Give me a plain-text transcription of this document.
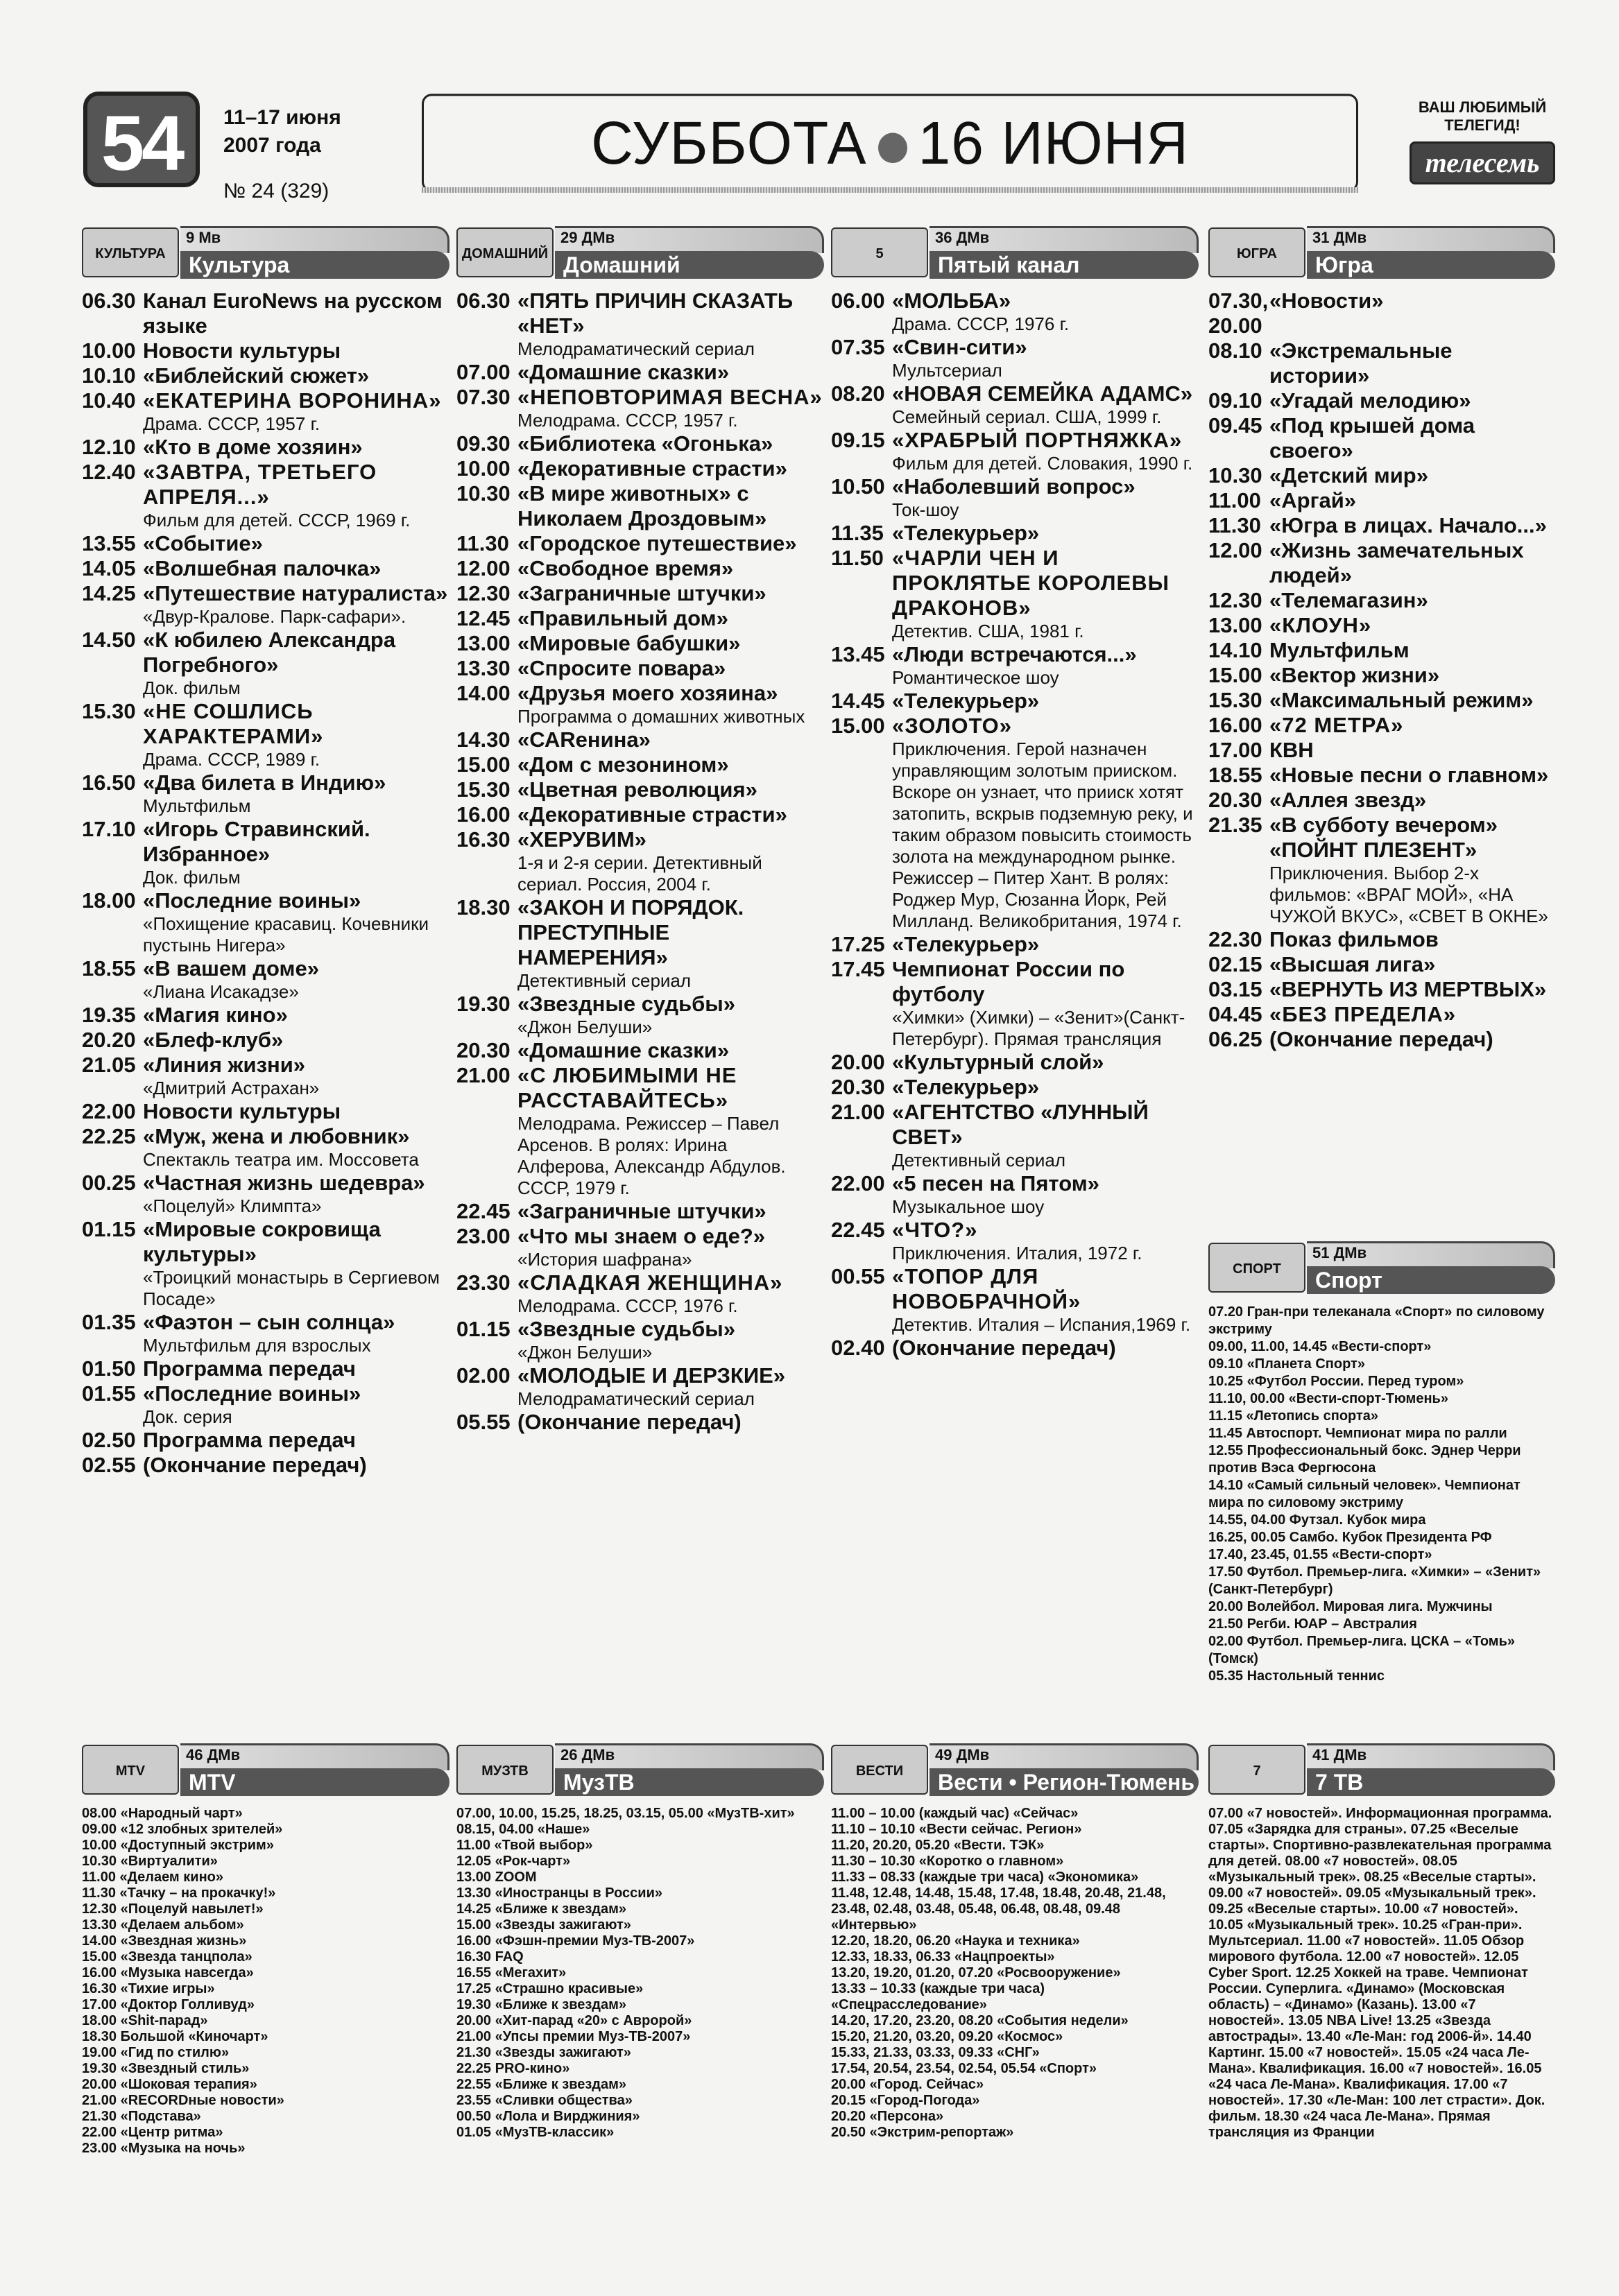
54	11–17 июня
2007 года
№ 24 (329)
СУББОТА 16 ИЮНЯ
ВАШ ЛЮБИМЫЙ ТЕЛЕГИД!
телесемь
КУЛЬТУРА
9 Мв
Культура
06.30 Канал EuroNews на русском языке
10.00 Новости культуры
10.10 «Библейский сюжет»
10.40 «ЕКАТЕРИНА ВОРОНИНА»
Драма. СССР, 1957 г.
12.10 «Кто в доме хозяин»
12.40 «ЗАВТРА, ТРЕТЬЕГО АПРЕЛЯ...»
Фильм для детей. СССР, 1969 г.
13.55 «Событие»
14.05 «Волшебная палочка»
14.25 «Путешествие натуралиста»
«Двур-Кралове. Парк-сафари».
14.50 «К юбилею Александра Погребного»
Док. фильм
15.30 «НЕ СОШЛИСЬ ХАРАКТЕРАМИ»
Драма. СССР, 1989 г.
16.50 «Два билета в Индию»
Мультфильм
17.10 «Игорь Стравинский. Избранное»
Док. фильм
18.00 «Последние воины»
«Похищение красавиц. Кочевники пустынь Нигера»
18.55 «В вашем доме»
«Лиана Исакадзе»
19.35 «Магия кино»
20.20 «Блеф-клуб»
21.05 «Линия жизни»
«Дмитрий Астрахан»
22.00 Новости культуры
22.25 «Муж, жена и любовник»
Спектакль театра им. Моссовета
00.25 «Частная жизнь шедевра»
«Поцелуй» Климпта»
01.15 «Мировые сокровища культуры»
«Троицкий монастырь в Сергиевом Посаде»
01.35 «Фаэтон – сын солнца»
Мультфильм для взрослых
01.50 Программа передач
01.55 «Последние воины»
Док. серия
02.50 Программа передач
02.55 (Окончание передач)
ДОМАШНИЙ
29 ДМв
Домашний
06.30 «ПЯТЬ ПРИЧИН СКАЗАТЬ «НЕТ»
Мелодраматический сериал
07.00 «Домашние сказки»
07.30 «НЕПОВТОРИМАЯ ВЕСНА»
Мелодрама. СССР, 1957 г.
09.30 «Библиотека «Огонька»
10.00 «Декоративные страсти»
10.30 «В мире животных» с Николаем Дроздовым»
11.30 «Городское путешествие»
12.00 «Свободное время»
12.30 «Заграничные штучки»
12.45 «Правильный дом»
13.00 «Мировые бабушки»
13.30 «Спросите повара»
14.00 «Друзья моего хозяина»
Программа о домашних животных
14.30 «САRенина»
15.00 «Дом с мезонином»
15.30 «Цветная революция»
16.00 «Декоративные страсти»
16.30 «ХЕРУВИМ»
1-я и 2-я серии. Детективный сериал. Россия, 2004 г.
18.30 «ЗАКОН И ПОРЯДОК. ПРЕСТУПНЫЕ НАМЕРЕНИЯ»
Детективный сериал
19.30 «Звездные судьбы»
«Джон Белуши»
20.30 «Домашние сказки»
21.00 «С ЛЮБИМЫМИ НЕ РАССТАВАЙТЕСЬ»
Мелодрама. Режиссер – Павел Арсенов. В ролях: Ирина Алферова, Александр Абдулов. СССР, 1979 г.
22.45 «Заграничные штучки»
23.00 «Что мы знаем о еде?»
«История шафрана»
23.30 «СЛАДКАЯ ЖЕНЩИНА»
Мелодрама. СССР, 1976 г.
01.15 «Звездные судьбы»
«Джон Белуши»
02.00 «МОЛОДЫЕ И ДЕРЗКИЕ»
Мелодраматический сериал
05.55 (Окончание передач)
5
36 ДМв
Пятый канал
06.00 «МОЛЬБА»
Драма. СССР, 1976 г.
07.35 «Свин-сити»
Мультсериал
08.20 «НОВАЯ СЕМЕЙКА АДАМС»
Семейный сериал. США, 1999 г.
09.15 «ХРАБРЫЙ ПОРТНЯЖКА»
Фильм для детей. Словакия, 1990 г.
10.50 «Наболевший вопрос»
Ток-шоу
11.35 «Телекурьер»
11.50 «ЧАРЛИ ЧЕН И ПРОКЛЯТЬЕ КОРОЛЕВЫ ДРАКОНОВ»
Детектив. США, 1981 г.
13.45 «Люди встречаются...»
Романтическое шоу
14.45 «Телекурьер»
15.00 «ЗОЛОТО»
Приключения. Герой назначен управляющим золотым прииском. Вскоре он узнает, что прииск хотят затопить, вскрыв подземную реку, и таким образом повысить стоимость золота на международном рынке. Режиссер – Питер Хант. В ролях: Роджер Мур, Сюзанна Йорк, Рей Милланд. Великобритания, 1974 г.
17.25 «Телекурьер»
17.45 Чемпионат России по футболу
«Химки» (Химки) – «Зенит»(Санкт-Петербург). Прямая трансляция
20.00 «Культурный слой»
20.30 «Телекурьер»
21.00 «АГЕНТСТВО «ЛУННЫЙ СВЕТ»
Детективный сериал
22.00 «5 песен на Пятом»
Музыкальное шоу
22.45 «ЧТО?»
Приключения. Италия, 1972 г.
00.55 «ТОПОР ДЛЯ НОВОБРАЧНОЙ»
Детектив. Италия – Испания,1969 г.
02.40 (Окончание передач)
ЮГРА
31 ДМв
Югра
07.30, 20.00
«Новости»
08.10 «Экстремальные истории»
09.10 «Угадай мелодию»
09.45 «Под крышей дома своего»
10.30 «Детский мир»
11.00 «Аргай»
11.30 «Югра в лицах. Начало...»
12.00 «Жизнь замечательных людей»
12.30 «Телемагазин»
13.00 «КЛОУН»
14.10 Мультфильм
15.00 «Вектор жизни»
15.30 «Максимальный режим»
16.00 «72 МЕТРА»
17.00 КВН
18.55 «Новые песни о главном»
20.30 «Аллея звезд»
21.35 «В субботу вечером» «ПОЙНТ ПЛЕЗЕНТ»
Приключения. Выбор 2-х фильмов: «ВРАГ МОЙ», «НА ЧУЖОЙ ВКУС», «СВЕТ В ОКНЕ»
22.30 Показ фильмов
02.15 «Высшая лига»
03.15 «ВЕРНУТЬ ИЗ МЕРТВЫХ»
04.45 «БЕЗ ПРЕДЕЛА»
06.25 (Окончание передач)
СПОРТ
51 ДМв
Спорт
07.20 Гран-при телеканала «Спорт» по силовому экстриму
09.00, 11.00, 14.45 «Вести-спорт»
09.10 «Планета Спорт»
10.25 «Футбол России. Перед туром»
11.10, 00.00 «Вести-спорт-Тюмень»
11.15 «Летопись спорта»
11.45 Автоспорт. Чемпионат мира по ралли
12.55 Профессиональный бокс. Эднер Черри против Вэса Фергюсона
14.10 «Самый сильный человек». Чемпионат мира по силовому экстриму
14.55, 04.00 Футзал. Кубок мира
16.25, 00.05 Самбо. Кубок Президента РФ
17.40, 23.45, 01.55 «Вести-спорт»
17.50 Футбол. Премьер-лига. «Химки» – «Зенит» (Санкт-Петербург)
20.00 Волейбол. Мировая лига. Мужчины
21.50 Регби. ЮАР – Австралия
02.00 Футбол. Премьер-лига. ЦСКА – «Томь» (Томск)
05.35 Настольный теннис
MTV
46 ДМв
MTV
08.00 «Народный чарт»
09.00 «12 злобных зрителей»
10.00 «Доступный экстрим»
10.30 «Виртуалити»
11.00 «Делаем кино»
11.30 «Тачку – на прокачку!»
12.30 «Поцелуй навылет!»
13.30 «Делаем альбом»
14.00 «Звездная жизнь»
15.00 «Звезда танцпола»
16.00 «Музыка навсегда»
16.30 «Тихие игры»
17.00 «Доктор Голливуд»
18.00 «Shit-парад»
18.30 Большой «Киночарт»
19.00 «Гид по стилю»
19.30 «Звездный стиль»
20.00 «Шоковая терапия»
21.00 «RECORDные новости»
21.30 «Подстава»
22.00 «Центр ритма»
23.00 «Музыка на ночь»
МУЗТВ
26 ДМв
МузТВ
07.00, 10.00, 15.25, 18.25, 03.15, 05.00 «МузТВ-хит»
08.15, 04.00 «Наше»
11.00 «Твой выбор»
12.05 «Рок-чарт»
13.00 ZOOM
13.30 «Иностранцы в России»
14.25 «Ближе к звездам»
15.00 «Звезды зажигают»
16.00 «Фэшн-премии Муз-ТВ-2007»
16.30 FAQ
16.55 «Мегахит»
17.25 «Страшно красивые»
19.30 «Ближе к звездам»
20.00 «Хит-парад «20» с Авророй»
21.00 «Упсы премии Муз-ТВ-2007»
21.30 «Звезды зажигают»
22.25 PRO-кино»
22.55 «Ближе к звездам»
23.55 «Сливки общества»
00.50 «Лола и Вирджиния»
01.05 «МузТВ-классик»
ВЕСТИ
49 ДМв
Вести • Регион-Тюмень
11.00 – 10.00 (каждый час) «Сейчас»
11.10 – 10.10 «Вести сейчас. Регион»
11.20, 20.20, 05.20 «Вести. ТЭК»
11.30 – 10.30 «Коротко о главном»
11.33 – 08.33 (каждые три часа) «Экономика»
11.48, 12.48, 14.48, 15.48, 17.48, 18.48, 20.48, 21.48, 23.48, 02.48, 03.48, 05.48, 06.48, 08.48, 09.48 «Интервью»
12.20, 18.20, 06.20 «Наука и техника»
12.33, 18.33, 06.33 «Нацпроекты»
13.20, 19.20, 01.20, 07.20 «Росвооружение»
13.33 – 10.33 (каждые три часа) «Спецрасследование»
14.20, 17.20, 23.20, 08.20 «События недели»
15.20, 21.20, 03.20, 09.20 «Космос»
15.33, 21.33, 03.33, 09.33 «СНГ»
17.54, 20.54, 23.54, 02.54, 05.54 «Спорт»
20.00 «Город. Сейчас»
20.15 «Город-Погода»
20.20 «Персона»
20.50 «Экстрим-репортаж»
7
41 ДМв
7 ТВ
07.00 «7 новостей». Информационная программа. 07.05 «Зарядка для страны». 07.25 «Веселые старты». Спортивно-развлекательная программа для детей. 08.00 «7 новостей». 08.05 «Музыкальный трек». 08.25 «Веселые старты». 09.00 «7 новостей». 09.05 «Музыкальный трек». 09.25 «Веселые старты». 10.00 «7 новостей». 10.05 «Музыкальный трек». 10.25 «Гран-при». Мультсериал. 11.00 «7 новостей». 11.05 Обзор мирового футбола. 12.00 «7 новостей». 12.05 Cyber Sport. 12.25 Хоккей на траве. Чемпионат России. Суперлига. «Динамо» (Московская область) – «Динамо» (Казань). 13.00 «7 новостей». 13.05 NBA Live! 13.25 «Звезда автострады». 13.40 «Ле-Ман: год 2006-й». 14.40 Картинг. 15.00 «7 новостей». 15.05 «24 часа Ле-Мана». Квалификация. 16.00 «7 новостей». 16.05 «24 часа Ле-Мана». Квалификация. 17.00 «7 новостей». 17.30 «Ле-Ман: 100 лет страсти». Док. фильм. 18.30 «24 часа Ле-Мана». Прямая трансляция из Франции
